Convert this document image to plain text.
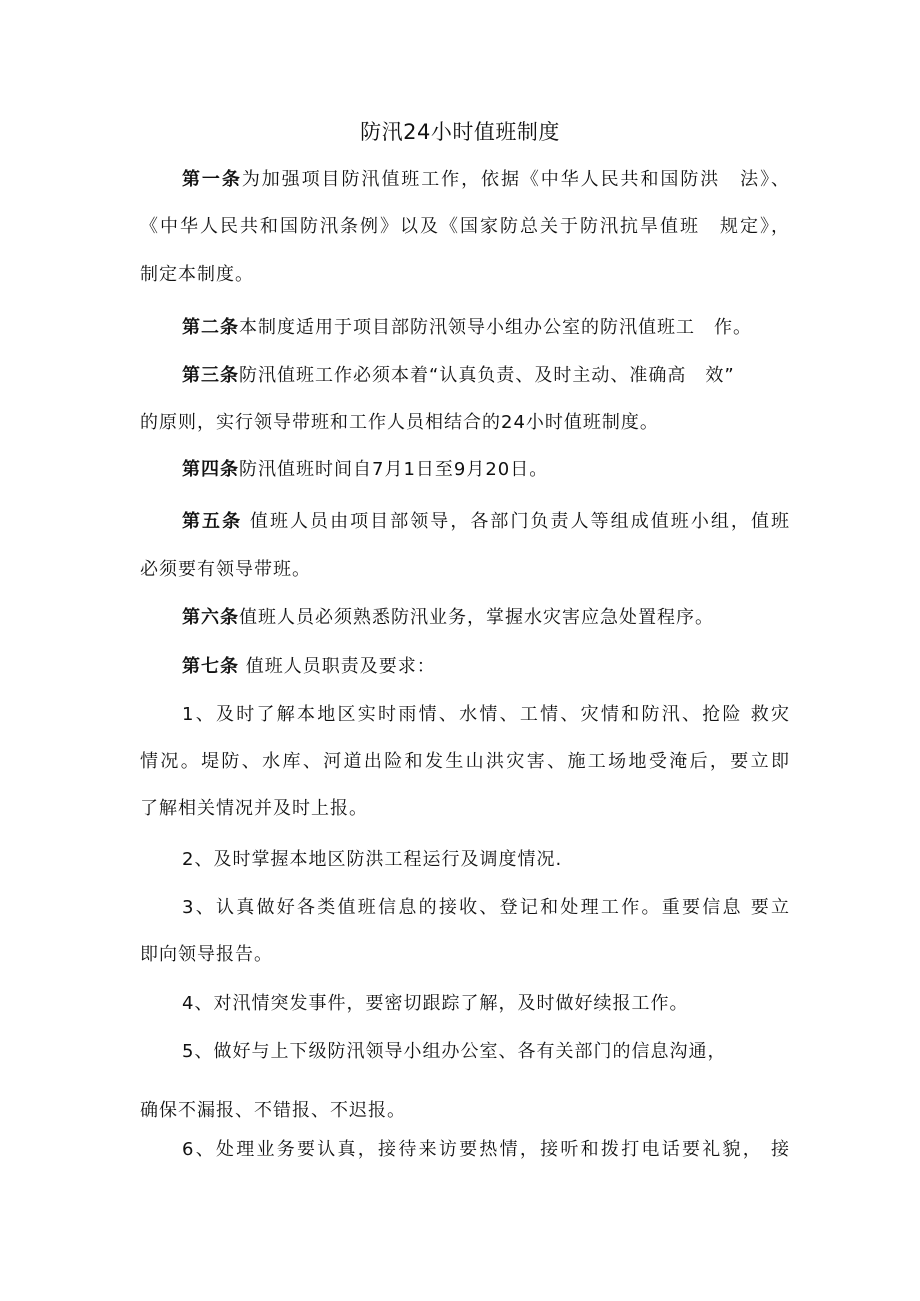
防汛24小时值班制度
第一条为加强项目防汛值班工作，依据《中华人民共和国防洪　法》、
《中华人民共和国防汛条例》以及《国家防总关于防汛抗旱值班　规定》，
制定本制度。
第二条本制度适用于项目部防汛领导小组办公室的防汛值班工　作。
第三条防汛值班工作必须本着“认真负责、及时主动、准确高　效”
的原则，实行领导带班和工作人员相结合的24小时值班制度。
第四条防汛值班时间自7月1日至9月20日。
第五条 值班人员由项目部领导，各部门负责人等组成值班小组，值班
必须要有领导带班。
第六条值班人员必须熟悉防汛业务，掌握水灾害应急处置程序。
第七条 值班人员职责及要求：
1、及时了解本地区实时雨情、水情、工情、灾情和防汛、抢险 救灾
情况。堤防、水库、河道出险和发生山洪灾害、施工场地受淹后，要立即
了解相关情况并及时上报。
2、及时掌握本地区防洪工程运行及调度情况.
3、认真做好各类值班信息的接收、登记和处理工作。重要信息 要立
即向领导报告。
4、对汛情突发事件，要密切跟踪了解，及时做好续报工作。
5、做好与上下级防汛领导小组办公室、各有关部门的信息沟通，
确保不漏报、不错报、不迟报。
6、处理业务要认真，接待来访要热情，接听和拨打电话要礼貌， 接
